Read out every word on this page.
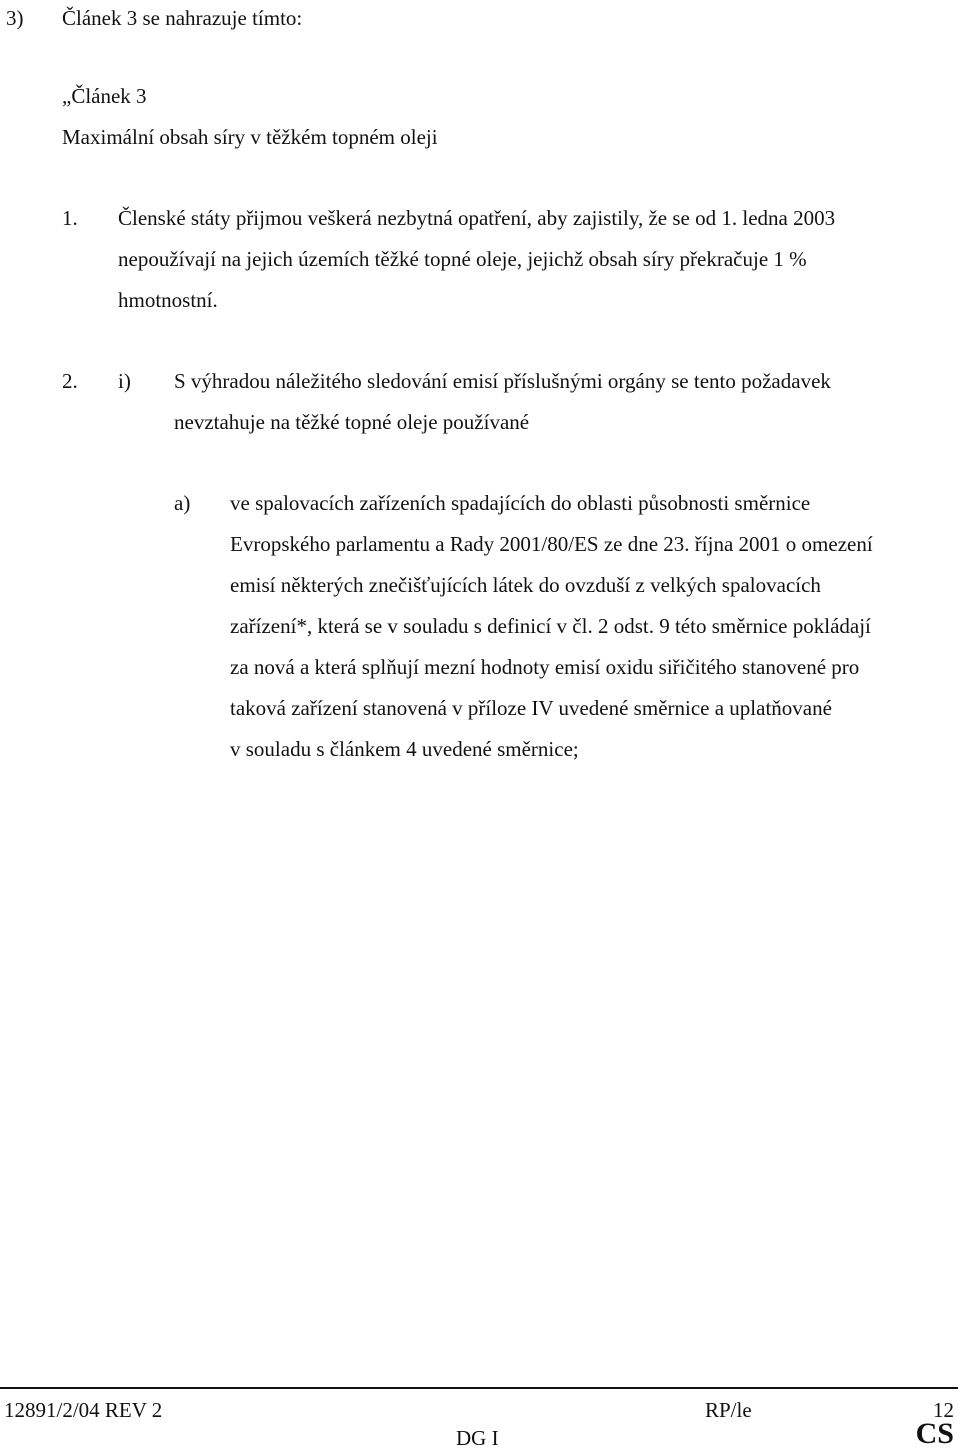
3) Článek 3 se nahrazuje tímto:
„Článek 3
Maximální obsah síry v těžkém topném oleji
1. Členské státy přijmou veškerá nezbytná opatření, aby zajistily, že se od 1. ledna 2003
nepoužívají na jejich územích těžké topné oleje, jejichž obsah síry překračuje 1 %
hmotnostní.
2. i) S výhradou náležitého sledování emisí příslušnými orgány se tento požadavek
nevztahuje na těžké topné oleje používané
a) ve spalovacích zařízeních spadajících do oblasti působnosti směrnice
Evropského parlamentu a Rady 2001/80/ES ze dne 23. října 2001 o omezení
emisí některých znečišťujících látek do ovzduší z velkých spalovacích
zařízení*, která se v souladu s definicí v čl. 2 odst. 9 této směrnice pokládají
za nová a která splňují mezní hodnoty emisí oxidu siřičitého stanovené pro
taková zařízení stanovená v příloze IV uvedené směrnice a uplatňované
v souladu s článkem 4 uvedené směrnice;
12891/2/04 REV 2	RP/le	12
DG I	CS
